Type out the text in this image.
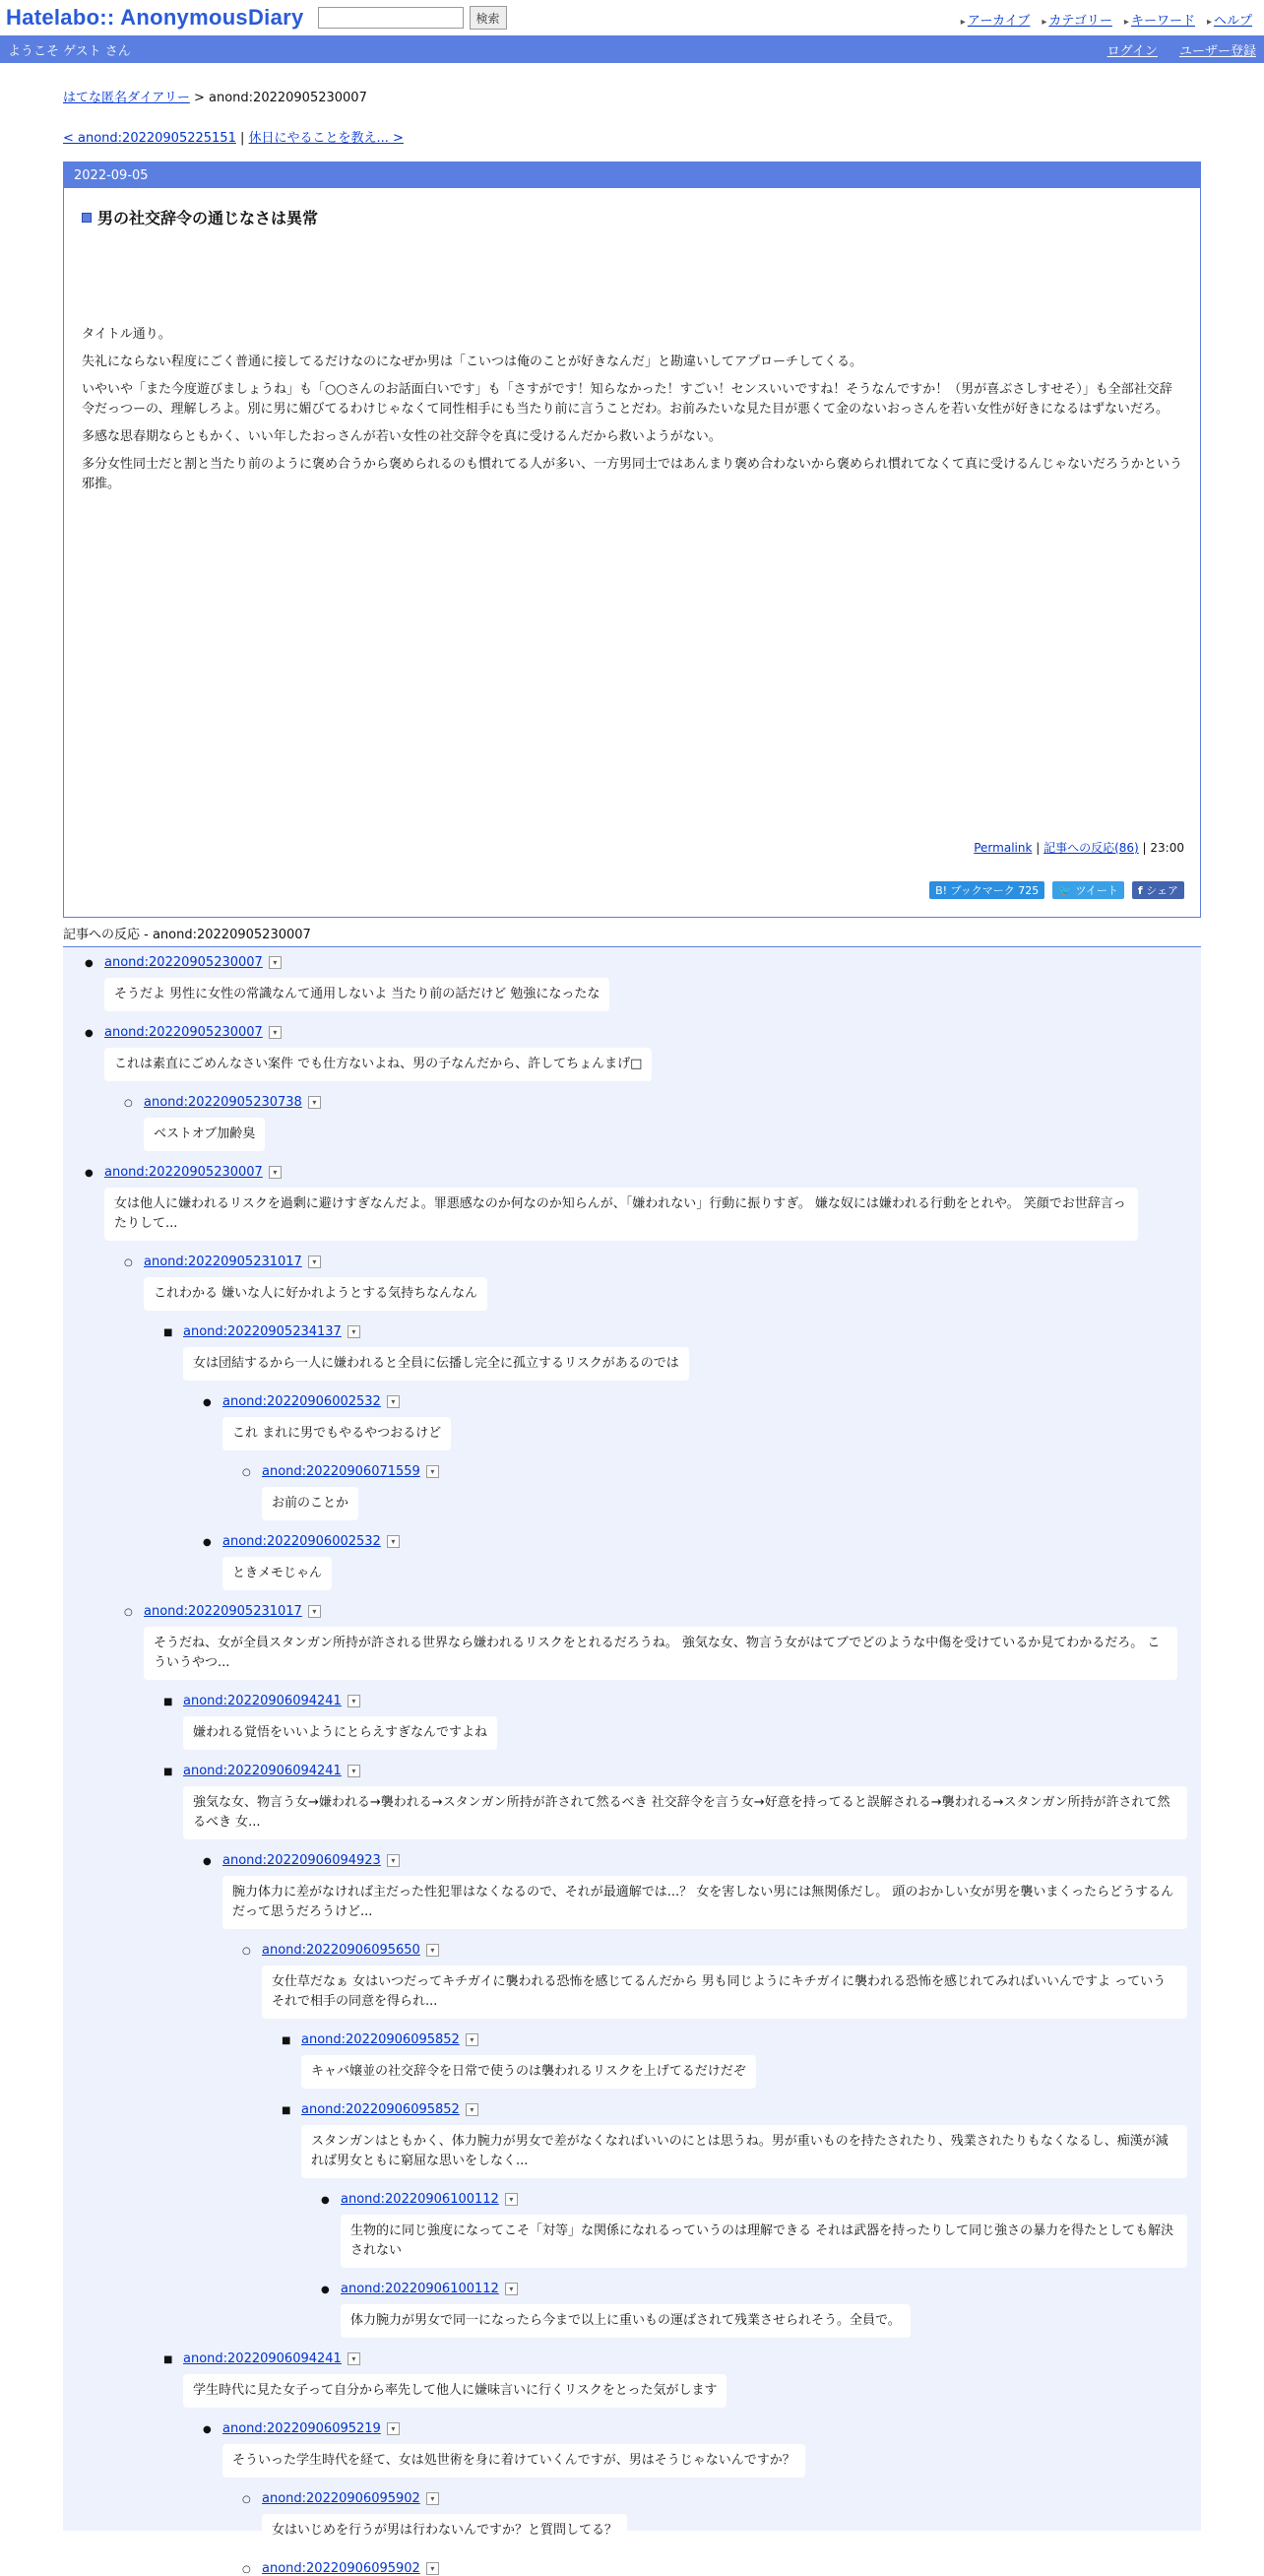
Hatelabo:: AnonymousDiary	検索	▸ アーカイブ ▸ カテゴリー ▸ キーワード ▸ ヘルプ
ようこそ ゲスト さん	ログイン ユーザー登録
はてな匿名ダイアリー > anond:20220905230007
< anond:20220905225151 | 休日にやることを教え... >
2022-09-05
男の社交辞令の通じなさは異常

タイトル通り。

失礼にならない程度にごく普通に接してるだけなのになぜか男は「こいつは俺のことが好きなんだ」と勘違いしてアプローチしてくる。

いやいや「また今度遊びましょうね」も「○○さんのお話面白いです」も「さすがです！知らなかった！すごい！センスいいですね！そうなんですか！（男が喜ぶさしすせそ）」も全部社交辞令だっつーの、理解しろよ。別に男に媚びてるわけじゃなくて同性相手にも当たり前に言うことだわ。お前みたいな見た目が悪くて金のないおっさんを若い女性が好きになるはずないだろ。

多感な思春期ならともかく、いい年したおっさんが若い女性の社交辞令を真に受けるんだから救いようがない。

多分女性同士だと割と当たり前のように褒め合うから褒められるのも慣れてる人が多い、一方男同士ではあんまり褒め合わないから褒められ慣れてなくて真に受けるんじゃないだろうかという邪推。

Permalink | 記事への反応(86) | 23:00
B! ブックマーク
725 🐦
ツイート f
シェア
記事への反応 - anond:20220905230007
● anond:20220905230007 ▾
そうだよ 男性に女性の常識なんて通用しないよ 当たり前の話だけど 勉強になったな
● anond:20220905230007 ▾
これは素直にごめんなさい案件 でも仕方ないよね、男の子なんだから、許してちょんまげ□
○ anond:20220905230738 ▾
ベストオブ加齢臭
● anond:20220905230007 ▾
女は他人に嫌われるリスクを過剰に避けすぎなんだよ。罪悪感なのか何なのか知らんが、「嫌われない」行動に振りすぎ。 嫌な奴には嫌われる行動をとれや。 笑顔でお世辞言ったりして...
○ anond:20220905231017 ▾
これわかる 嫌いな人に好かれようとする気持ちなんなん
■ anond:20220905234137 ▾
女は団結するから一人に嫌われると全員に伝播し完全に孤立するリスクがあるのでは
● anond:20220906002532 ▾
これ まれに男でもやるやつおるけど
○ anond:20220906071559 ▾
お前のことか
● anond:20220906002532 ▾
ときメモじゃん
○ anond:20220905231017 ▾
そうだね、女が全員スタンガン所持が許される世界なら嫌われるリスクをとれるだろうね。 強気な女、物言う女がはてブでどのような中傷を受けているか見てわかるだろ。 こういうやつ...
■ anond:20220906094241 ▾
嫌われる覚悟をいいようにとらえすぎなんですよね
■ anond:20220906094241 ▾
強気な女、物言う女→嫌われる→襲われる→スタンガン所持が許されて然るべき 社交辞令を言う女→好意を持ってると誤解される→襲われる→スタンガン所持が許されて然るべき 女...
● anond:20220906094923 ▾
腕力体力に差がなければ主だった性犯罪はなくなるので、それが最適解では...？ 女を害しない男には無関係だし。 頭のおかしい女が男を襲いまくったらどうするんだって思うだろうけど...
○ anond:20220906095650 ▾
女仕草だなぁ 女はいつだってキチガイに襲われる恐怖を感じてるんだから 男も同じようにキチガイに襲われる恐怖を感じれてみればいいんですよ っていう　 それで相手の同意を得られ...
■ anond:20220906095852 ▾
キャバ嬢並の社交辞令を日常で使うのは襲われるリスクを上げてるだけだぞ
■ anond:20220906095852 ▾
スタンガンはともかく、体力腕力が男女で差がなくなればいいのにとは思うね。男が重いものを持たされたり、残業されたりもなくなるし、痴漢が減れば男女ともに窮屈な思いをしなく...
● anond:20220906100112 ▾
生物的に同じ強度になってこそ「対等」な関係になれるっていうのは理解できる それは武器を持ったりして同じ強さの暴力を得たとしても解決されない
● anond:20220906100112 ▾
体力腕力が男女で同一になったら今まで以上に重いもの運ばされて残業させられそう。全員で。
■ anond:20220906094241 ▾
学生時代に見た女子って自分から率先して他人に嫌味言いに行くリスクをとった気がします
● anond:20220906095219 ▾
そういった学生時代を経て、女は処世術を身に着けていくんですが、男はそうじゃないんですか？
○ anond:20220906095902 ▾
女はいじめを行うが男は行わないんですか？と質問してる？
○ anond:20220906095902 ▾
